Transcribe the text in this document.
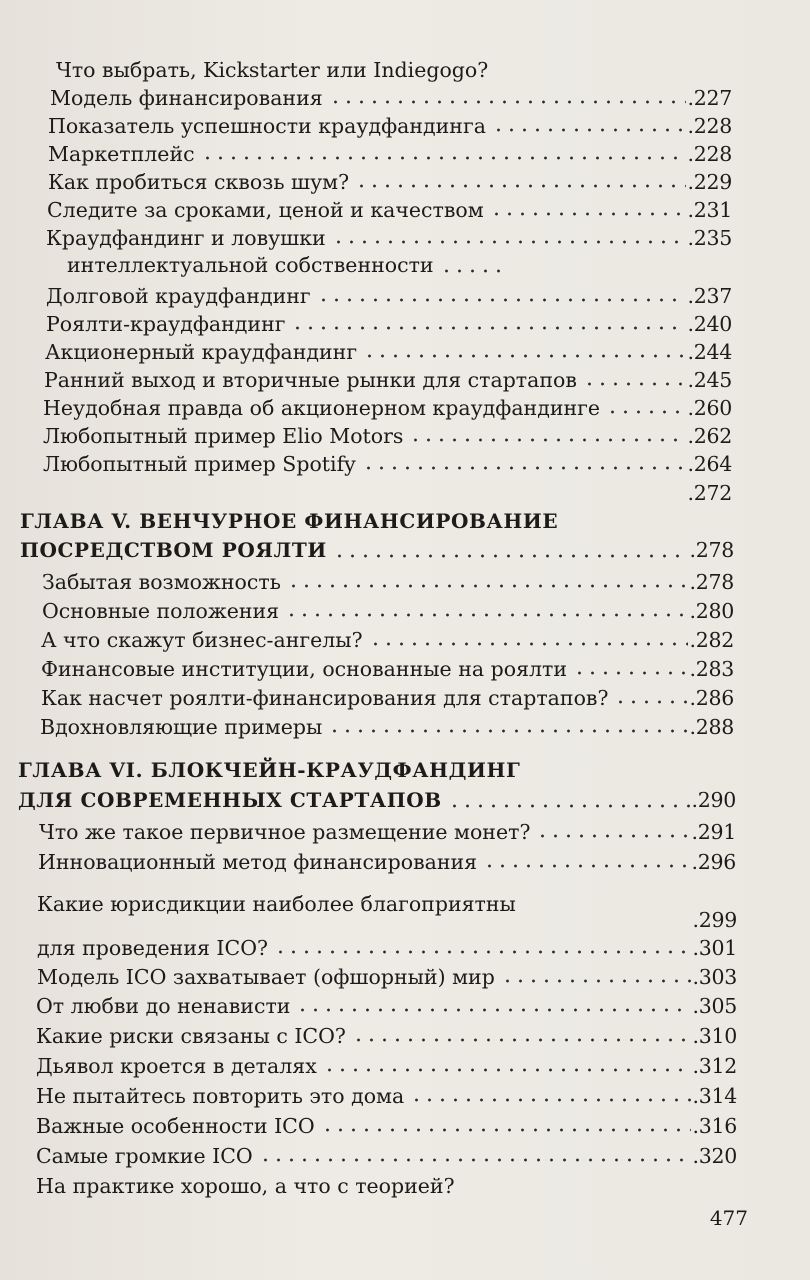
Что выбрать, Kickstarter или Indiegogo?
Модель финансирования	.227
Показатель успешности краудфандинга	.228
Маркетплейс	.228
Как пробиться сквозь шум?	.229
Следите за сроками, ценой и качеством	.231
Краудфандинг и ловушки	.235
интеллектуальной собственности
Долговой краудфандинг	.237
Роялти-краудфандинг	.240
Акционерный краудфандинг	.244
Ранний выход и вторичные рынки для стартапов	.245
Неудобная правда об акционерном краудфандинге	.260
Любопытный пример Elio Motors	.262
Любопытный пример Spotify	.264
.272
ГЛАВА V. ВЕНЧУРНОЕ ФИНАНСИРОВАНИЕ
ПОСРЕДСТВОМ РОЯЛТИ	.278
Забытая возможность	.278
Основные положения	.280
А что скажут бизнес-ангелы?	.282
Финансовые институции, основанные на роялти	.283
Как насчет роялти-финансирования для стартапов?	.286
Вдохновляющие примеры	.288
ГЛАВА VI. БЛОКЧЕЙН-КРАУДФАНДИНГ
ДЛЯ СОВРЕМЕННЫХ СТАРТАПОВ	.290
Что же такое первичное размещение монет?	.291
Инновационный метод финансирования	.296
Какие юрисдикции наиболее благоприятны
.299
для проведения ICO?	.301
Модель ICO захватывает (офшорный) мир	.303
От любви до ненависти	.305
Какие риски связаны с ICO?	.310
Дьявол кроется в деталях	.312
Не пытайтесь повторить это дома	.314
Важные особенности ICO	.316
Самые громкие ICO	.320
На практике хорошо, а что с теорией?
477
